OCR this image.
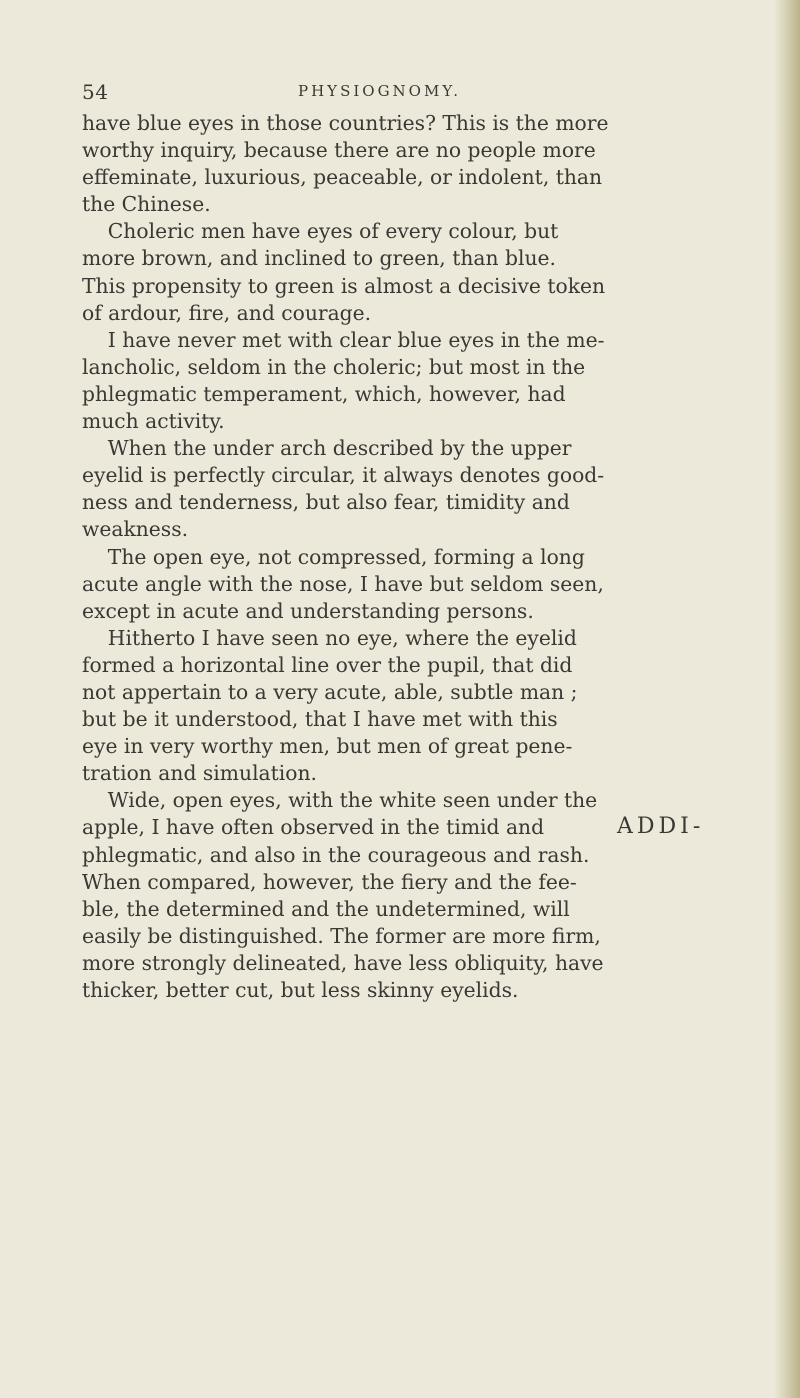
54	PHYSIOGNOMY.
have blue eyes in those countries? This is the more
worthy inquiry, because there are no people more
effeminate, luxurious, peaceable, or indolent, than
the Chinese.
Choleric men have eyes of every colour, but
more brown, and inclined to green, than blue.
This propensity to green is almost a decisive token
of ardour, fire, and courage.
I have never met with clear blue eyes in the me-
lancholic, seldom in the choleric; but most in the
phlegmatic temperament, which, however, had
much activity.
When the under arch described by the upper
eyelid is perfectly circular, it always denotes good-
ness and tenderness, but also fear, timidity and
weakness.
The open eye, not compressed, forming a long
acute angle with the nose, I have but seldom seen,
except in acute and understanding persons.
Hitherto I have seen no eye, where the eyelid
formed a horizontal line over the pupil, that did
not appertain to a very acute, able, subtle man ;
but be it understood, that I have met with this
eye in very worthy men, but men of great pene-
tration and simulation.
Wide, open eyes, with the white seen under the
apple, I have often observed in the timid and
phlegmatic, and also in the courageous and rash.
When compared, however, the fiery and the fee-
ble, the determined and the undetermined, will
easily be distinguished. The former are more firm,
more strongly delineated, have less obliquity, have
thicker, better cut, but less skinny eyelids.
ADDI-
